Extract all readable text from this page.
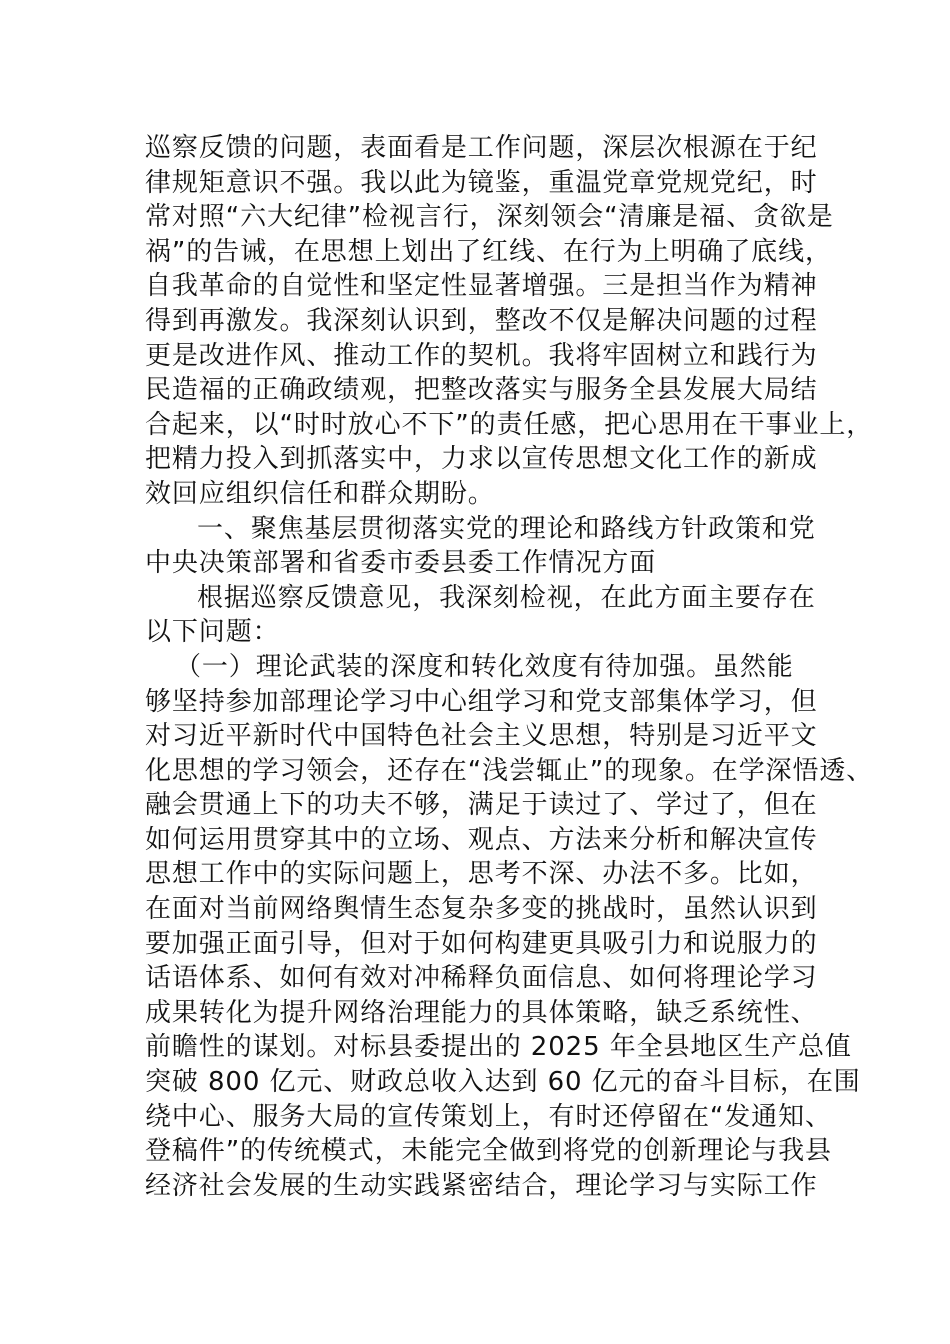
巡察反馈的问题，表面看是工作问题，深层次根源在于纪
律规矩意识不强。我以此为镜鉴，重温党章党规党纪，时
常对照“六大纪律”检视言行，深刻领会“清廉是福、贪欲是
祸”的告诫，在思想上划出了红线、在行为上明确了底线，
自我革命的自觉性和坚定性显著增强。三是担当作为精神
得到再激发。我深刻认识到，整改不仅是解决问题的过程
更是改进作风、推动工作的契机。我将牢固树立和践行为
民造福的正确政绩观，把整改落实与服务全县发展大局结
合起来，以“时时放心不下”的责任感，把心思用在干事业上，
把精力投入到抓落实中，力求以宣传思想文化工作的新成
效回应组织信任和群众期盼。
一、聚焦基层贯彻落实党的理论和路线方针政策和党
中央决策部署和省委市委县委工作情况方面
根据巡察反馈意见，我深刻检视，在此方面主要存在
以下问题：
（一）理论武装的深度和转化效度有待加强。虽然能
够坚持参加部理论学习中心组学习和党支部集体学习，但
对习近平新时代中国特色社会主义思想，特别是习近平文
化思想的学习领会，还存在“浅尝辄止”的现象。在学深悟透、
融会贯通上下的功夫不够，满足于读过了、学过了，但在
如何运用贯穿其中的立场、观点、方法来分析和解决宣传
思想工作中的实际问题上，思考不深、办法不多。比如，
在面对当前网络舆情生态复杂多变的挑战时，虽然认识到
要加强正面引导，但对于如何构建更具吸引力和说服力的
话语体系、如何有效对冲稀释负面信息、如何将理论学习
成果转化为提升网络治理能力的具体策略，缺乏系统性、
前瞻性的谋划。对标县委提出的 2025 年全县地区生产总值
突破 800 亿元、财政总收入达到 60 亿元的奋斗目标，在围
绕中心、服务大局的宣传策划上，有时还停留在“发通知、
登稿件”的传统模式，未能完全做到将党的创新理论与我县
经济社会发展的生动实践紧密结合，理论学习与实际工作
